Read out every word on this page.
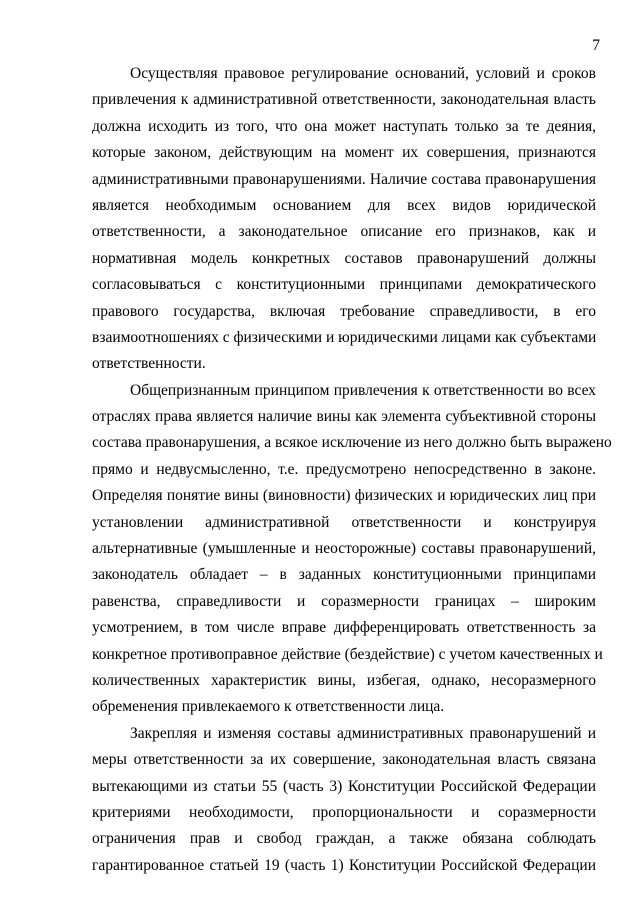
7
Осуществляя правовое регулирование оснований, условий и сроков
привлечения к административной ответственности, законодательная власть
должна исходить из того, что она может наступать только за те деяния,
которые законом, действующим на момент их совершения, признаются
административными правонарушениями. Наличие состава правонарушения
является необходимым основанием для всех видов юридической
ответственности, а законодательное описание его признаков, как и
нормативная модель конкретных составов правонарушений должны
согласовываться с конституционными принципами демократического
правового государства, включая требование справедливости, в его
взаимоотношениях с физическими и юридическими лицами как субъектами
ответственности.
Общепризнанным принципом привлечения к ответственности во всех
отраслях права является наличие вины как элемента субъективной стороны
состава правонарушения, а всякое исключение из него должно быть выражено
прямо и недвусмысленно, т.е. предусмотрено непосредственно в законе.
Определяя понятие вины (виновности) физических и юридических лиц при
установлении административной ответственности и конструируя
альтернативные (умышленные и неосторожные) составы правонарушений,
законодатель обладает – в заданных конституционными принципами
равенства, справедливости и соразмерности границах – широким
усмотрением, в том числе вправе дифференцировать ответственность за
конкретное противоправное действие (бездействие) с учетом качественных и
количественных характеристик вины, избегая, однако, несоразмерного
обременения привлекаемого к ответственности лица.
Закрепляя и изменяя составы административных правонарушений и
меры ответственности за их совершение, законодательная власть связана
вытекающими из статьи 55 (часть 3) Конституции Российской Федерации
критериями необходимости, пропорциональности и соразмерности
ограничения прав и свобод граждан, а также обязана соблюдать
гарантированное статьей 19 (часть 1) Конституции Российской Федерации
